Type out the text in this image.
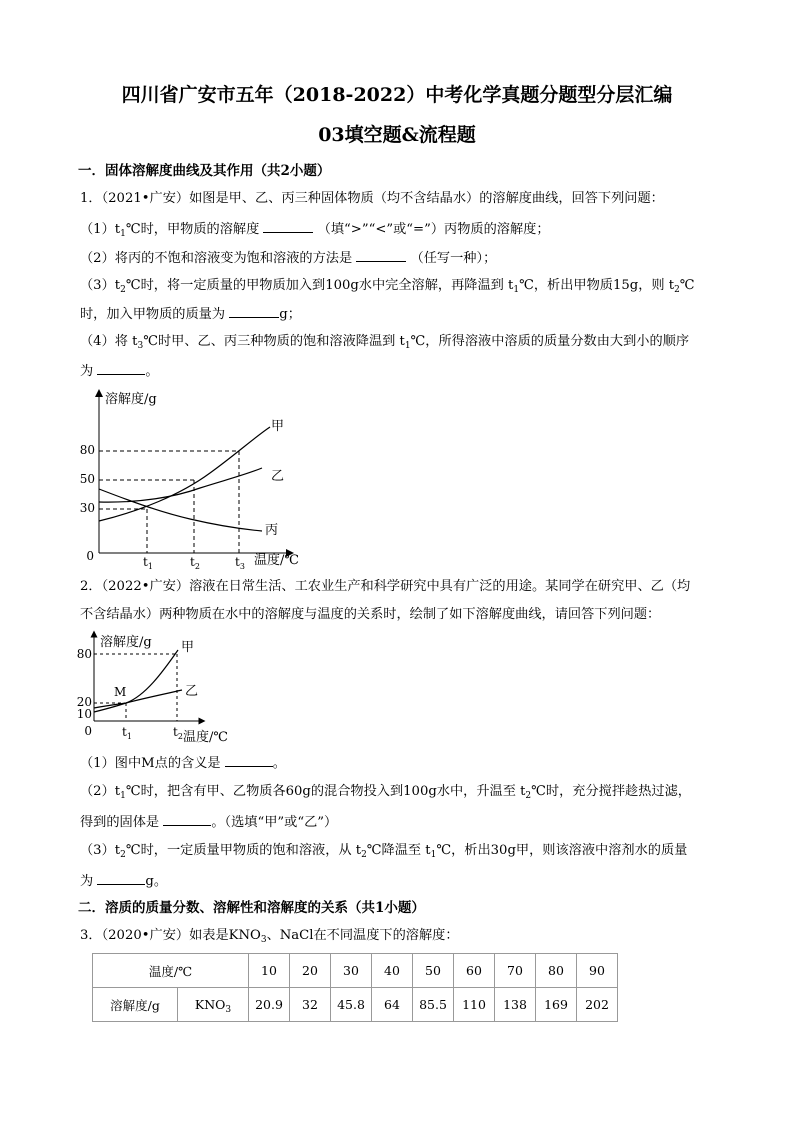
四川省广安市五年（2018-2022）中考化学真题分题型分层汇编
03填空题&流程题
一．固体溶解度曲线及其作用（共2小题）
1．（2021•广安）如图是甲、乙、丙三种固体物质（均不含结晶水）的溶解度曲线，回答下列问题：
$(1)t_1℃$时，甲物质的溶解度	（填“>”“<”或“=”）丙物质的溶解度；
（2）将丙的不饱和溶液变为饱和溶液的方法是	（任写一种）；
$(3)t_2℃$时，将一定质量的甲物质加入到100g水中完全溶解，再降温到 $t_1℃$，析出甲物质15g，则 $t_2℃$
时，加入甲物质的质量为	g；
（4）将 $t_3℃$时甲、乙、丙三种物质的饱和溶液降温到 $t_1℃$，所得溶液中溶质的质量分数由大到小的顺序
为	。
溶解度/g
温度/℃
0
80
50
30
甲
乙
丙
$t_1$	$t_2$	$t_3$
2．（2022•广安）溶液在日常生活、工农业生产和科学研究中具有广泛的用途。某同学在研究甲、乙（均
不含结晶水）两种物质在水中的溶解度与温度的关系时，绘制了如下溶解度曲线，请回答下列问题：
溶解度/g
温度/℃
0
80
20
10
M
甲
乙
$t_1$	$t_2$
（1）图中M点的含义是	。
$(2)t_1℃$时，把含有甲、乙物质各60g的混合物投入到100g水中，升温至 $t_2℃$时，充分搅拌趁热过滤，
得到的固体是	。（选填“甲”或“乙”）
$(3)t_2℃$时，一定质量甲物质的饱和溶液，从 $t_2℃$降温至 $t_1℃$，析出30g甲，则该溶液中溶剂水的质量
为	g。
二．溶质的质量分数、溶解性和溶解度的关系（共1小题）
3．（2020•广安）如表是$KNO_3$、NaCl在不同温度下的溶解度：
温度/℃		10	20	30	40	50	60	70	80	90
溶解度/g	$KNO_3$	20.9	32	45.8	64	85.5	110	138	169	202
